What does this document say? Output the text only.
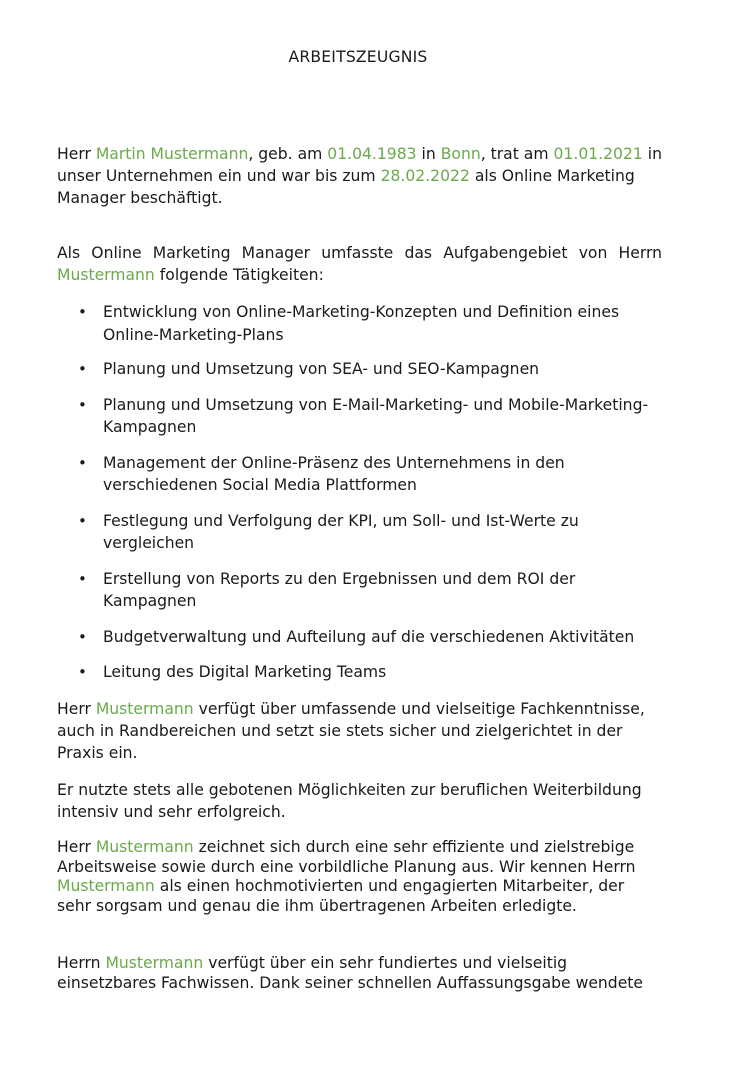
ARBEITSZEUGNIS

Herr Martin Mustermann, geb. am 01.04.1983 in Bonn, trat am 01.01.2021 in unser Unternehmen ein und war bis zum 28.02.2022 als Online Marketing Manager beschäftigt.

Als Online Marketing Manager umfasste das Aufgabengebiet von Herrn Mustermann folgende Tätigkeiten:

• Entwicklung von Online-Marketing-Konzepten und Definition eines Online-Marketing-Plans
• Planung und Umsetzung von SEA- und SEO-Kampagnen
• Planung und Umsetzung von E-Mail-Marketing- und Mobile-Marketing-Kampagnen
• Management der Online-Präsenz des Unternehmens in den verschiedenen Social Media Plattformen
• Festlegung und Verfolgung der KPI, um Soll- und Ist-Werte zu vergleichen
• Erstellung von Reports zu den Ergebnissen und dem ROI der Kampagnen
• Budgetverwaltung und Aufteilung auf die verschiedenen Aktivitäten
• Leitung des Digital Marketing Teams

Herr Mustermann verfügt über umfassende und vielseitige Fachkenntnisse, auch in Randbereichen und setzt sie stets sicher und zielgerichtet in der Praxis ein.

Er nutzte stets alle gebotenen Möglichkeiten zur beruflichen Weiterbildung intensiv und sehr erfolgreich.

Herr Mustermann zeichnet sich durch eine sehr effiziente und zielstrebige Arbeitsweise sowie durch eine vorbildliche Planung aus. Wir kennen Herrn Mustermann als einen hochmotivierten und engagierten Mitarbeiter, der sehr sorgsam und genau die ihm übertragenen Arbeiten erledigte.

Herrn Mustermann verfügt über ein sehr fundiertes und vielseitig einsetzbares Fachwissen. Dank seiner schnellen Auffassungsgabe wendete
